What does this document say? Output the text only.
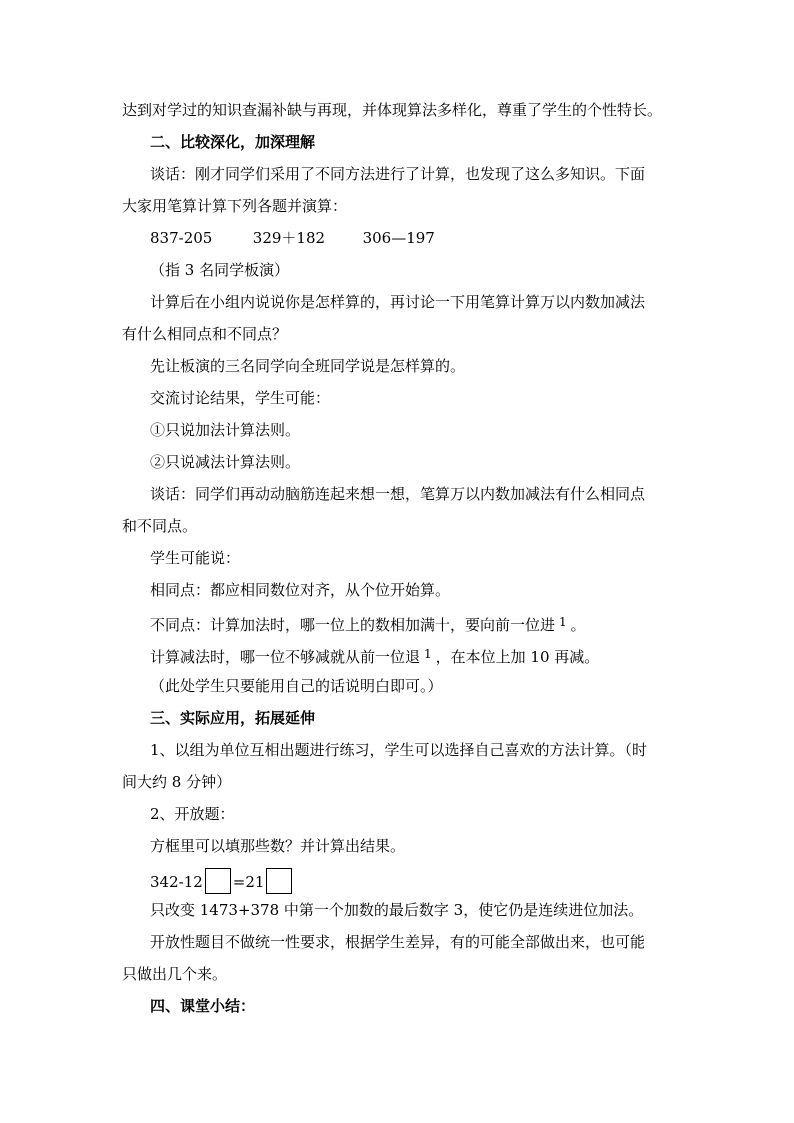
达到对学过的知识查漏补缺与再现，并体现算法多样化，尊重了学生的个性特长。
二、比较深化，加深理解
谈话：刚才同学们采用了不同方法进行了计算，也发现了这么多知识。下面
大家用笔算计算下列各题并演算：
837-205	329＋182	306—197
（指 3 名同学板演）
计算后在小组内说说你是怎样算的，再讨论一下用笔算计算万以内数加减法
有什么相同点和不同点？
先让板演的三名同学向全班同学说是怎样算的。
交流讨论结果，学生可能：
①只说加法计算法则。
②只说减法计算法则。
谈话：同学们再动动脑筋连起来想一想，笔算万以内数加减法有什么相同点
和不同点。
学生可能说：
相同点：都应相同数位对齐，从个位开始算。
不同点：计算加法时，哪一位上的数相加满十，要向前一位进 $^1$ 。
计算减法时，哪一位不够减就从前一位退 $^1$ ，在本位上加 10 再减。
（此处学生只要能用自己的话说明白即可。）
三、实际应用，拓展延伸
1、以组为单位互相出题进行练习，学生可以选择自己喜欢的方法计算。（时
间大约 8 分钟）
2、开放题：
方框里可以填那些数？并计算出结果。
342-12 =21
只改变 1473+378 中第一个加数的最后数字 3，使它仍是连续进位加法。
开放性题目不做统一性要求，根据学生差异，有的可能全部做出来，也可能
只做出几个来。
四、课堂小结：
